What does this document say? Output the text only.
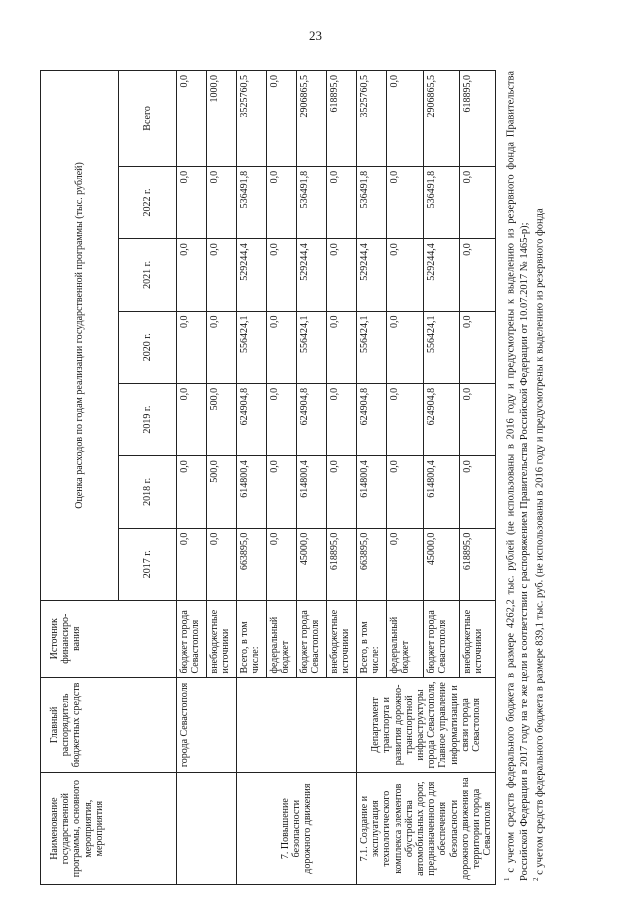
23
Наименование государственной программы, основного мероприятия, мероприятия	Главный распорядитель бюджетных средств	Источник финансиро-вания	Оценка расходов по годам реализации государственной программы (тыс. рублей)						
			2017 г.	2018 г.	2019 г.	2020 г.	2021 г.	2022 г.	Всего
	города Севастополя	бюджет города Севастополя	0,0	0,0	0,0	0,0	0,0	0,0	0,0
		внебюджетные источники	0,0	500,0	500,0	0,0	0,0	0,0	1000,0
7. Повышение безопасности дорожного движения		Всего, в том числе:	663895,0	614800,4	624904,8	556424,1	529244,4	536491,8	3525760,5
		федеральный бюджет	0,0	0,0	0,0	0,0	0,0	0,0	0,0
		бюджет города Севастополя	45000,0	614800,4	624904,8	556424,1	529244,4	536491,8	2906865,5
		внебюджетные источники	618895,0	0,0	0,0	0,0	0,0	0,0	618895,0
7.1. Создание и эксплуатация технологического комплекса элементов обустройства автомобильных дорог, предназначенного для обеспечения безопасности дорожного движения на территории города Севастополя	Департамент транспорта и развития дорожно-транспортной инфраструктуры города Севастополя, Главное управление информатизации и связи города Севастополя	Всего, в том числе:	663895,0	614800,4	624904,8	556424,1	529244,4	536491,8	3525760,5
		федеральный бюджет	0,0	0,0	0,0	0,0	0,0	0,0	0,0
		бюджет города Севастополя	45000,0	614800,4	624904,8	556424,1	529244,4	536491,8	2906865,5
		внебюджетные источники	618895,0	0,0	0,0	0,0	0,0	0,0	618895,0

$^1$ с учетом средств федерального бюджета в размере 4262,2 тыс. рублей (не использованы в 2016 году и предусмотрены к выделению из резервного фонда Правительства Российской Федерации в 2017 году на те же цели в соответствии с распоряжением Правительства Российской Федерации от 10.07.2017 № 1465-р); $^2$ с учетом средств федерального бюджета в размере 839,1 тыс. руб. (не использованы в 2016 году и предусмотрены к выделению из резервного фонда
